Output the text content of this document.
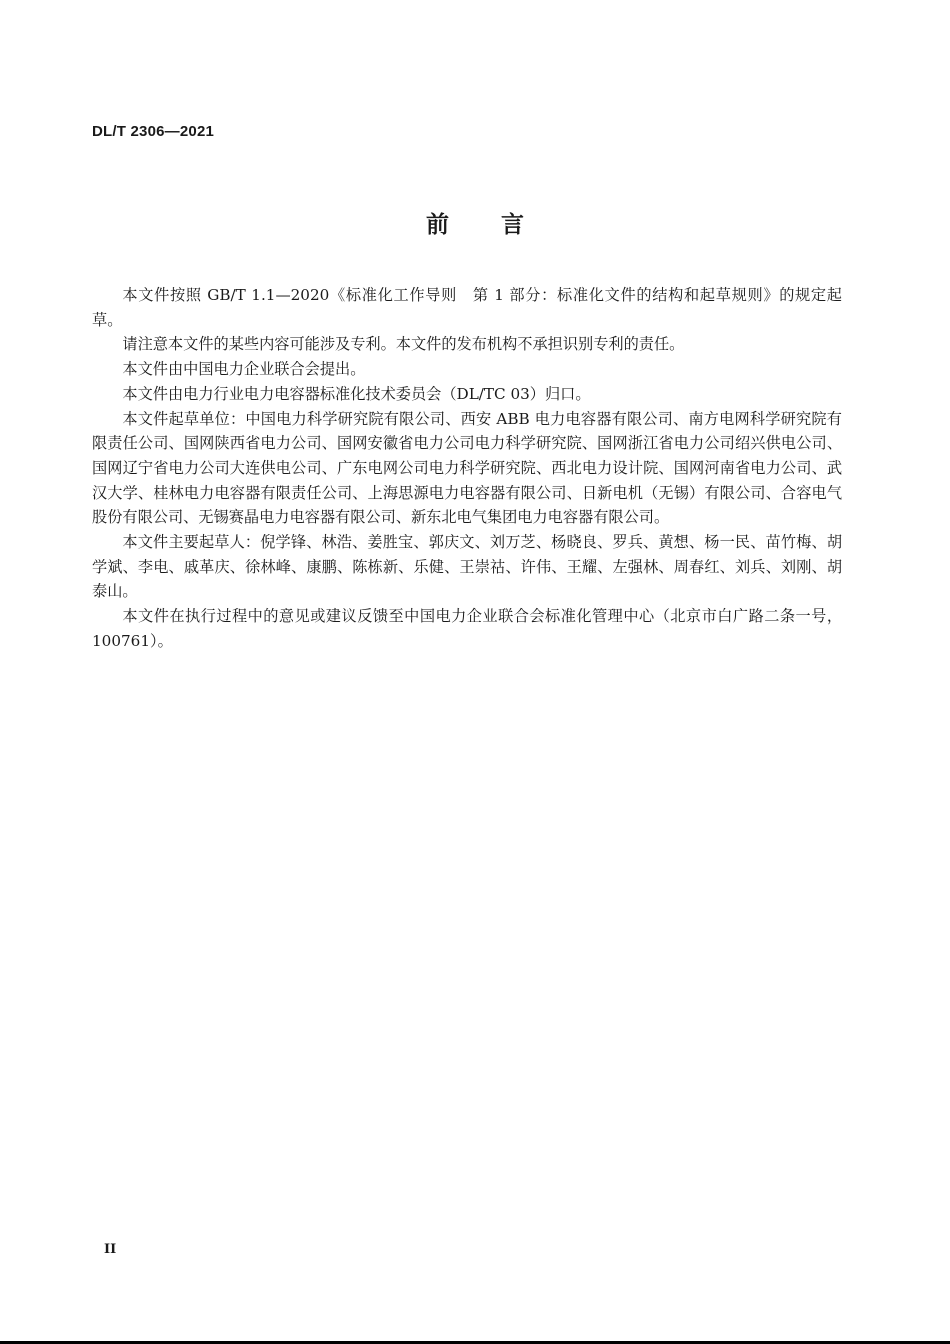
DL/T 2306—2021
前言

本文件按照 GB/T 1.1—2020《标准化工作导则　第 1 部分：标准化文件的结构和起草规则》的规定起草。

请注意本文件的某些内容可能涉及专利。本文件的发布机构不承担识别专利的责任。

本文件由中国电力企业联合会提出。

本文件由电力行业电力电容器标准化技术委员会（DL/TC 03）归口。

本文件起草单位：中国电力科学研究院有限公司、西安 ABB 电力电容器有限公司、南方电网科学研究院有限责任公司、国网陕西省电力公司、国网安徽省电力公司电力科学研究院、国网浙江省电力公司绍兴供电公司、国网辽宁省电力公司大连供电公司、广东电网公司电力科学研究院、西北电力设计院、国网河南省电力公司、武汉大学、桂林电力电容器有限责任公司、上海思源电力电容器有限公司、日新电机（无锡）有限公司、合容电气股份有限公司、无锡赛晶电力电容器有限公司、新东北电气集团电力电容器有限公司。

本文件主要起草人：倪学锋、林浩、姜胜宝、郭庆文、刘万芝、杨晓良、罗兵、黄想、杨一民、苗竹梅、胡学斌、李电、戚革庆、徐林峰、康鹏、陈栋新、乐健、王崇祜、许伟、王耀、左强林、周春红、刘兵、刘刚、胡泰山。

本文件在执行过程中的意见或建议反馈至中国电力企业联合会标准化管理中心（北京市白广路二条一号，100761）。

II
